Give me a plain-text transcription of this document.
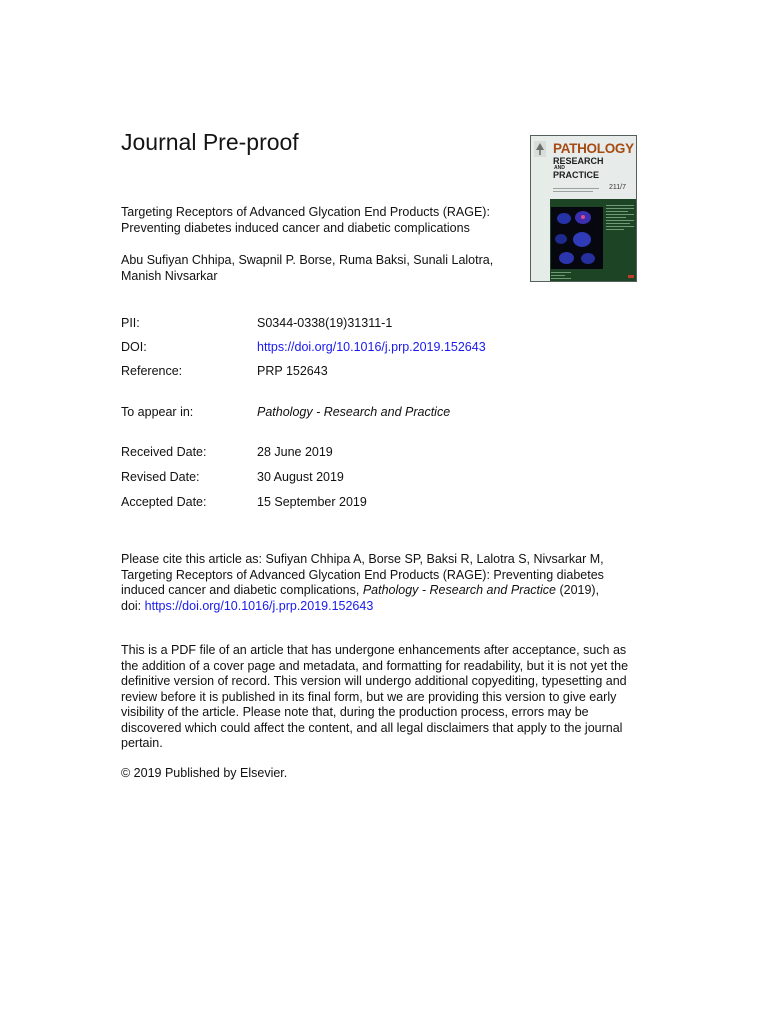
Journal Pre-proof	PATHOLOGY
RESEARCH
AND
PRACTICE
211/7
Targeting Receptors of Advanced Glycation End Products (RAGE):
Preventing diabetes induced cancer and diabetic complications
Abu Sufiyan Chhipa, Swapnil P. Borse, Ruma Baksi, Sunali Lalotra,
Manish Nivsarkar
PII:	S0344-0338(19)31311-1
DOI:	https://doi.org/10.1016/j.prp.2019.152643
Reference:	PRP 152643
To appear in:	Pathology - Research and Practice
Received Date:	28 June 2019
Revised Date:	30 August 2019
Accepted Date:	15 September 2019
Please cite this article as: Sufiyan Chhipa A, Borse SP, Baksi R, Lalotra S, Nivsarkar M,
Targeting Receptors of Advanced Glycation End Products (RAGE): Preventing diabetes
induced cancer and diabetic complications, Pathology - Research and Practice (2019),
doi: https://doi.org/10.1016/j.prp.2019.152643
This is a PDF file of an article that has undergone enhancements after acceptance, such as
the addition of a cover page and metadata, and formatting for readability, but it is not yet the
definitive version of record. This version will undergo additional copyediting, typesetting and
review before it is published in its final form, but we are providing this version to give early
visibility of the article. Please note that, during the production process, errors may be
discovered which could affect the content, and all legal disclaimers that apply to the journal
pertain.
© 2019 Published by Elsevier.
